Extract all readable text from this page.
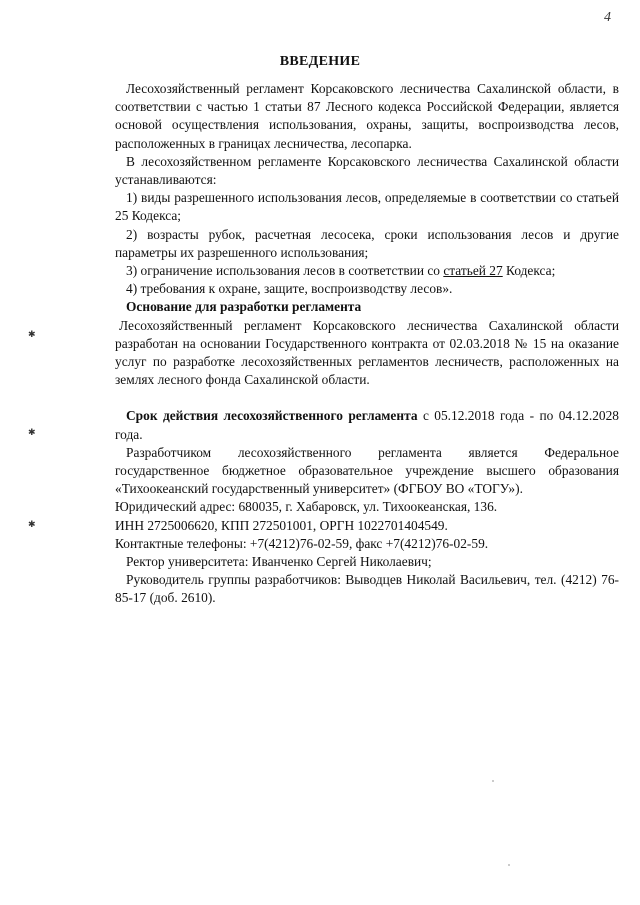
4
ВВЕДЕНИЕ

Лесохозяйственный регламент Корсаковского лесничества Сахалинской области, в соответствии с частью 1 статьи 87 Лесного кодекса Российской Федерации, является основой осуществления использования, охраны, защиты, воспроизводства лесов, расположенных в границах лесничества, лесопарка.

В лесохозяйственном регламенте Корсаковского лесничества Сахалинской области устанавливаются:

1) виды разрешенного использования лесов, определяемые в соответствии со статьей 25 Кодекса;

2) возрасты рубок, расчетная лесосека, сроки использования лесов и другие параметры их разрешенного использования;

3) ограничение использования лесов в соответствии со статьей 27 Кодекса;

4) требования к охране, защите, воспроизводству лесов».

Основание для разработки регламента

Лесохозяйственный регламент Корсаковского лесничества Сахалинской области разработан на основании Государственного контракта от 02.03.2018 № 15 на оказание услуг по разработке лесохозяйственных регламентов лесничеств, расположенных на землях лесного фонда Сахалинской области.

Срок действия лесохозяйственного регламента с 05.12.2018 года - по 04.12.2028 года.

Разработчиком лесохозяйственного регламента является Федеральное государственное бюджетное образовательное учреждение высшего образования «Тихоокеанский государственный университет» (ФГБОУ ВО «ТОГУ»).

Юридический адрес: 680035, г. Хабаровск, ул. Тихоокеанская, 136.

ИНН 2725006620, КПП 272501001, ОРГН 1022701404549.

Контактные телефоны: +7(4212)76-02-59, факс +7(4212)76-02-59.

Ректор университета: Иванченко Сергей Николаевич;

Руководитель группы разработчиков: Выводцев Николай Васильевич, тел. (4212) 76-85-17 (доб. 2610).

✱
✱
✱
